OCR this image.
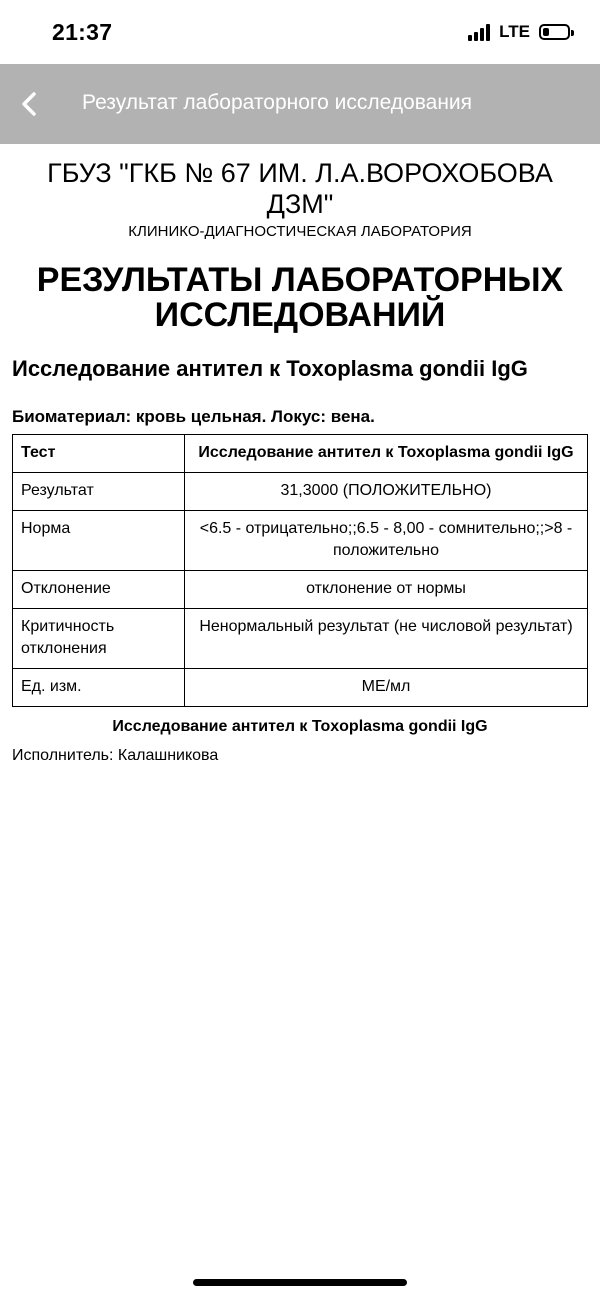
21:37	LTE
Результат лабораторного исследования
ГБУЗ "ГКБ № 67 ИМ. Л.А.ВОРОХОБОВА ДЗМ"
КЛИНИКО-ДИАГНОСТИЧЕСКАЯ ЛАБОРАТОРИЯ
РЕЗУЛЬТАТЫ ЛАБОРАТОРНЫХ ИССЛЕДОВАНИЙ
Исследование антител к Toxoplasma gondii IgG
Биоматериал: кровь цельная. Локус: вена.
Тест	Исследование антител к Toxoplasma gondii IgG
Результат	31,3000 (ПОЛОЖИТЕЛЬНО)
Норма	<6.5 - отрицательно;;6.5 - 8,00 - сомнительно;;>8 - положительно
Отклонение	отклонение от нормы
Критичность отклонения	Ненормальный результат (не числовой результат)
Ед. изм.	МЕ/мл
Исследование антител к Toxoplasma gondii IgG
Исполнитель: Калашникова
